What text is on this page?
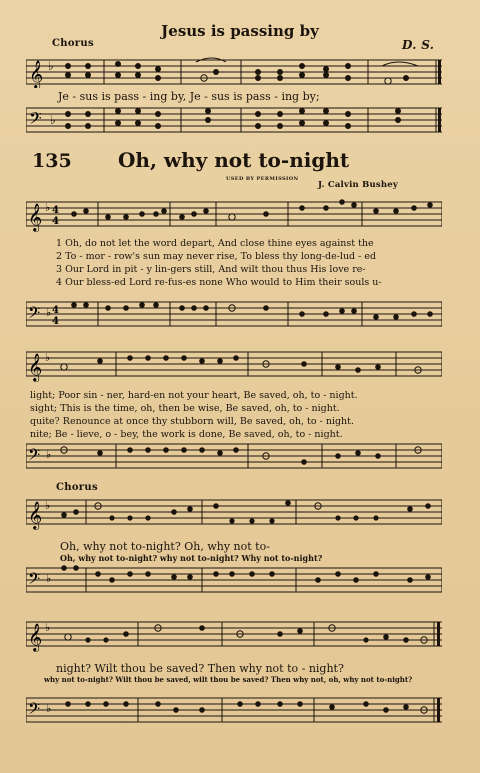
Jesus is passing by
Chorus	D. S.
𝄞 ♭
Je - sus is pass - ing by, Je - sus is pass - ing by;
𝄢 ♭
135 Oh, why not to-night
USED BY PERMISSION
J. Calvin Bushey
𝄞 ♭ 4
4
1 Oh, do not let the word depart, And close thine eyes against the
2 To - mor - row's sun may never rise, To bless thy long-de-lud - ed
3 Our Lord in pit - y lin-gers still, And wilt thou thus His love re-
4 Our bless-ed Lord re-fus-es none Who would to Him their souls u-
𝄢 ♭ 4
4
𝄞 ♭
light; Poor sin - ner, hard-en not your heart, Be saved, oh, to - night.
sight; This is the time, oh, then be wise, Be saved, oh, to - night.
quite? Renounce at once thy stubborn will, Be saved, oh, to - night.
nite; Be - lieve, o - bey, the work is done, Be saved, oh, to - night.
𝄢 ♭
Chorus
𝄞 ♭
Oh, why not to-night? Oh, why not to-
Oh, why not to-night? why not to-night? Why not to-night?
𝄢 ♭
𝄞 ♭
night? Wilt thou be saved? Then why not to - night?
why not to-night? Wilt thou be saved, wilt thou be saved? Then why not, oh, why not to-night?
𝄢 ♭
